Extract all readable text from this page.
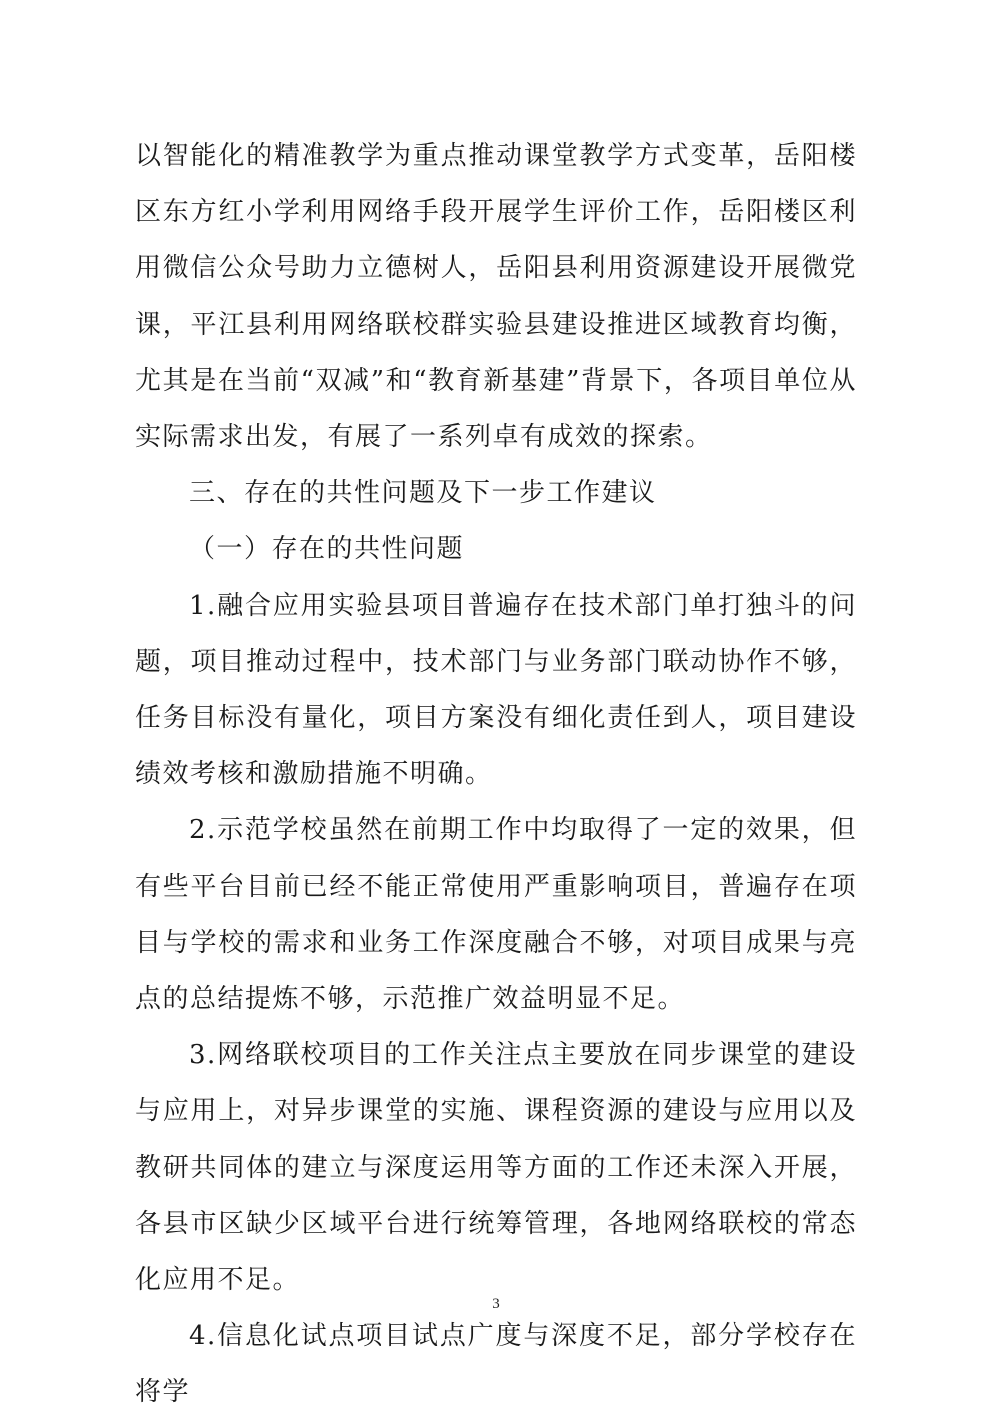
以智能化的精准教学为重点推动课堂教学方式变革，岳阳楼区东方红小学利用网络手段开展学生评价工作，岳阳楼区利用微信公众号助力立德树人，岳阳县利用资源建设开展微党课，平江县利用网络联校群实验县建设推进区域教育均衡，尤其是在当前“双减”和“教育新基建”背景下，各项目单位从实际需求出发，有展了一系列卓有成效的探索。

三、存在的共性问题及下一步工作建议

（一）存在的共性问题

1.融合应用实验县项目普遍存在技术部门单打独斗的问题，项目推动过程中，技术部门与业务部门联动协作不够，任务目标没有量化，项目方案没有细化责任到人，项目建设绩效考核和激励措施不明确。

2.示范学校虽然在前期工作中均取得了一定的效果，但有些平台目前已经不能正常使用严重影响项目，普遍存在项目与学校的需求和业务工作深度融合不够，对项目成果与亮点的总结提炼不够，示范推广效益明显不足。

3.网络联校项目的工作关注点主要放在同步课堂的建设与应用上，对异步课堂的实施、课程资源的建设与应用以及教研共同体的建立与深度运用等方面的工作还未深入开展，各县市区缺少区域平台进行统筹管理，各地网络联校的常态化应用不足。

4.信息化试点项目试点广度与深度不足，部分学校存在将学

3
